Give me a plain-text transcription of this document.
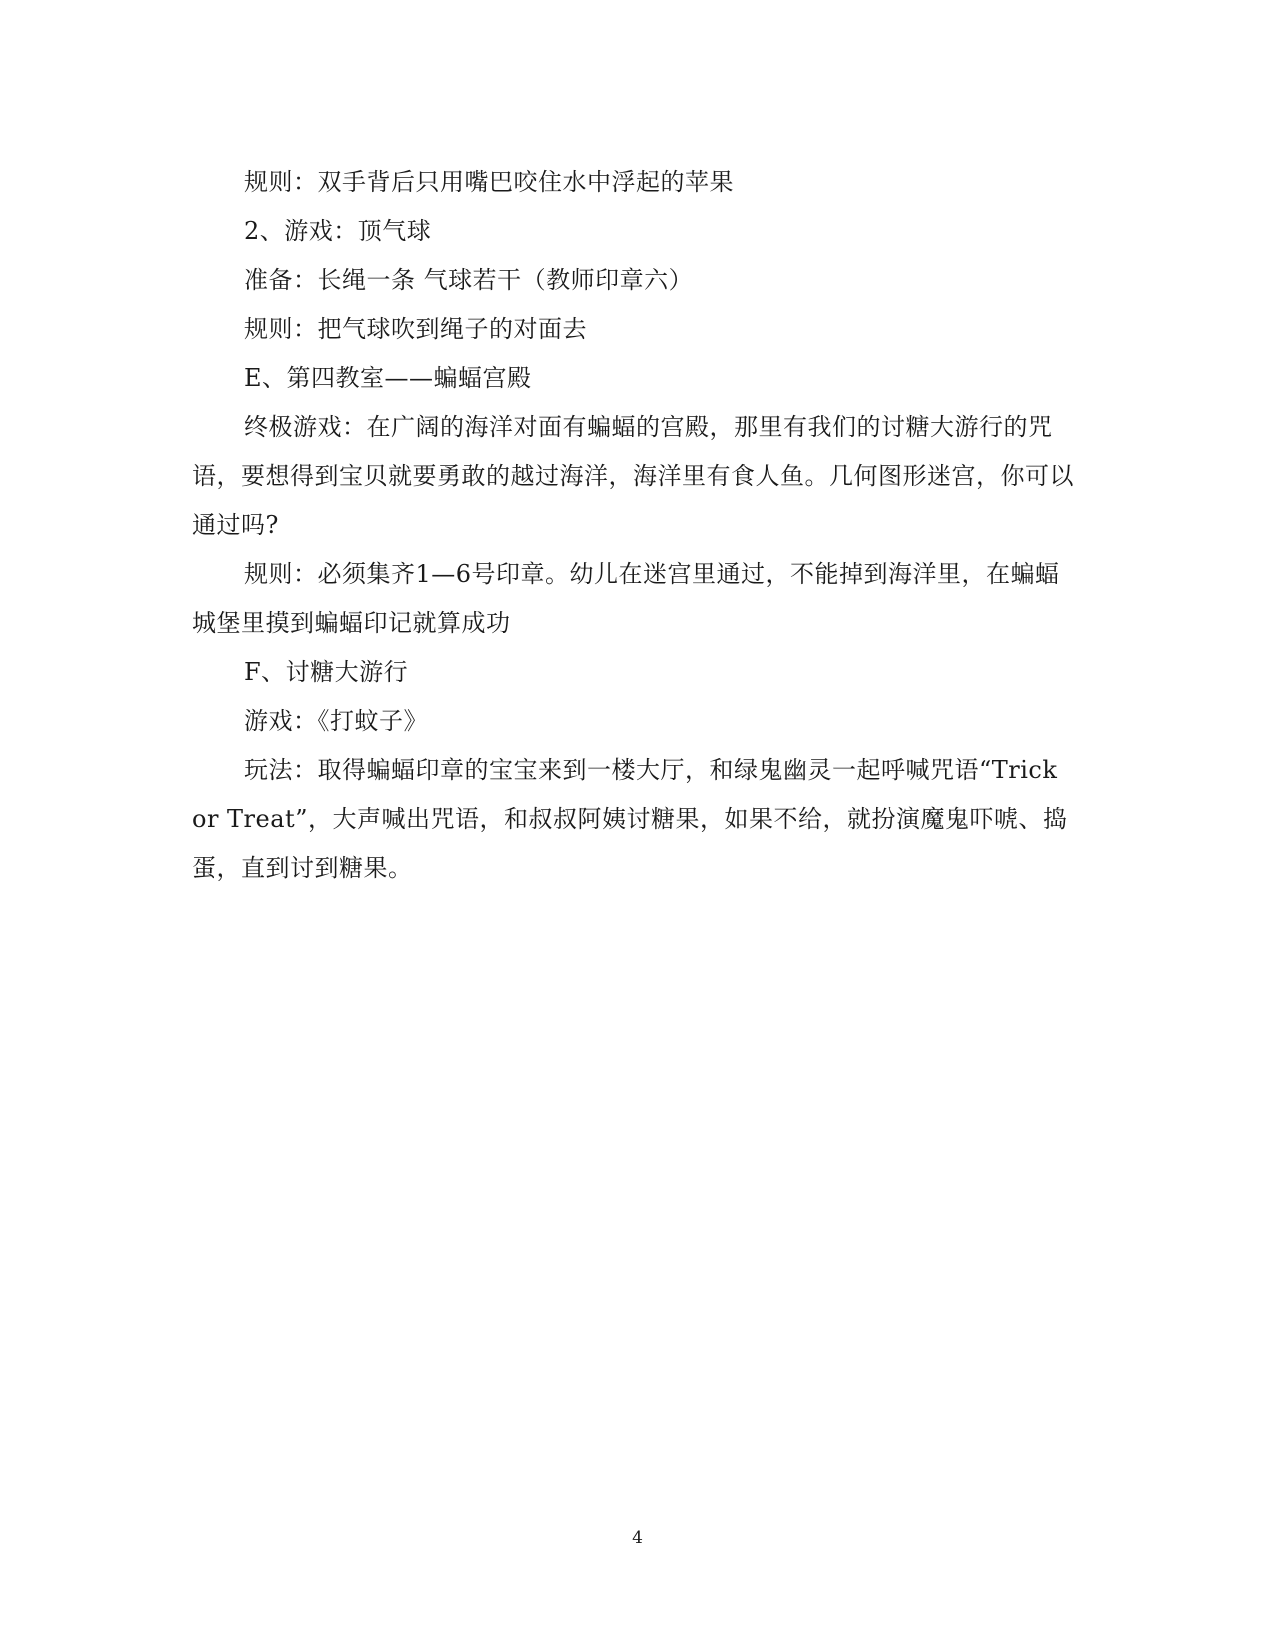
规则：双手背后只用嘴巴咬住水中浮起的苹果

2、游戏：顶气球

准备：长绳一条 气球若干（教师印章六）

规则：把气球吹到绳子的对面去

E、第四教室——蝙蝠宫殿

终极游戏：在广阔的海洋对面有蝙蝠的宫殿，那里有我们的讨糖大游行的咒语，要想得到宝贝就要勇敢的越过海洋，海洋里有食人鱼。几何图形迷宫，你可以通过吗?

规则：必须集齐1—6号印章。幼儿在迷宫里通过，不能掉到海洋里，在蝙蝠城堡里摸到蝙蝠印记就算成功

F、讨糖大游行

游戏：《打蚊子》

玩法：取得蝙蝠印章的宝宝来到一楼大厅，和绿鬼幽灵一起呼喊咒语“Trick or Treat”，大声喊出咒语，和叔叔阿姨讨糖果，如果不给，就扮演魔鬼吓唬、捣蛋，直到讨到糖果。

4
